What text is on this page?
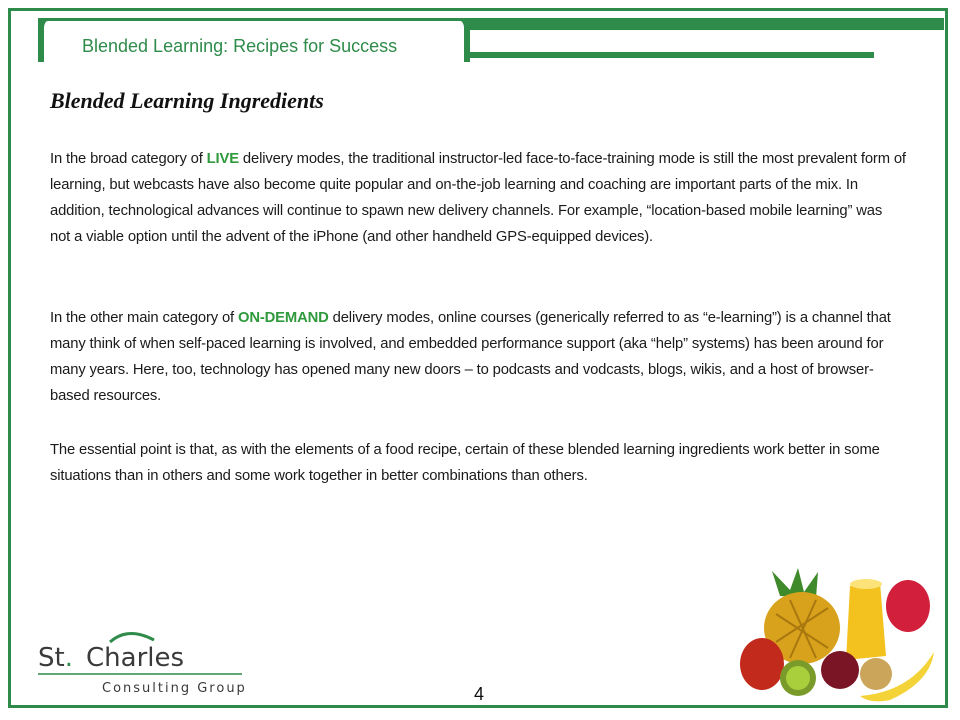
Blended Learning: Recipes for Success
Blended Learning Ingredients

In the broad category of LIVE delivery modes, the traditional instructor-led face-to-face-training mode is still the most prevalent form of learning, but webcasts have also become quite popular and on-the-job learning and coaching are important parts of the mix. In addition, technological advances will continue to spawn new delivery channels. For example, “location-based mobile learning” was not a viable option until the advent of the iPhone (and other handheld GPS-equipped devices).

In the other main category of ON-DEMAND delivery modes, online courses (generically referred to as “e-learning”) is a channel that many think of when self-paced learning is involved, and embedded performance support (aka “help” systems) has been around for many years. Here, too, technology has opened many new doors – to podcasts and vodcasts, blogs, wikis, and a host of browser-based resources.

The essential point is that, as with the elements of a food recipe, certain of these blended learning ingredients work better in some situations than in others and some work together in better combinations than others.

St. Charles
Consulting Group	4
